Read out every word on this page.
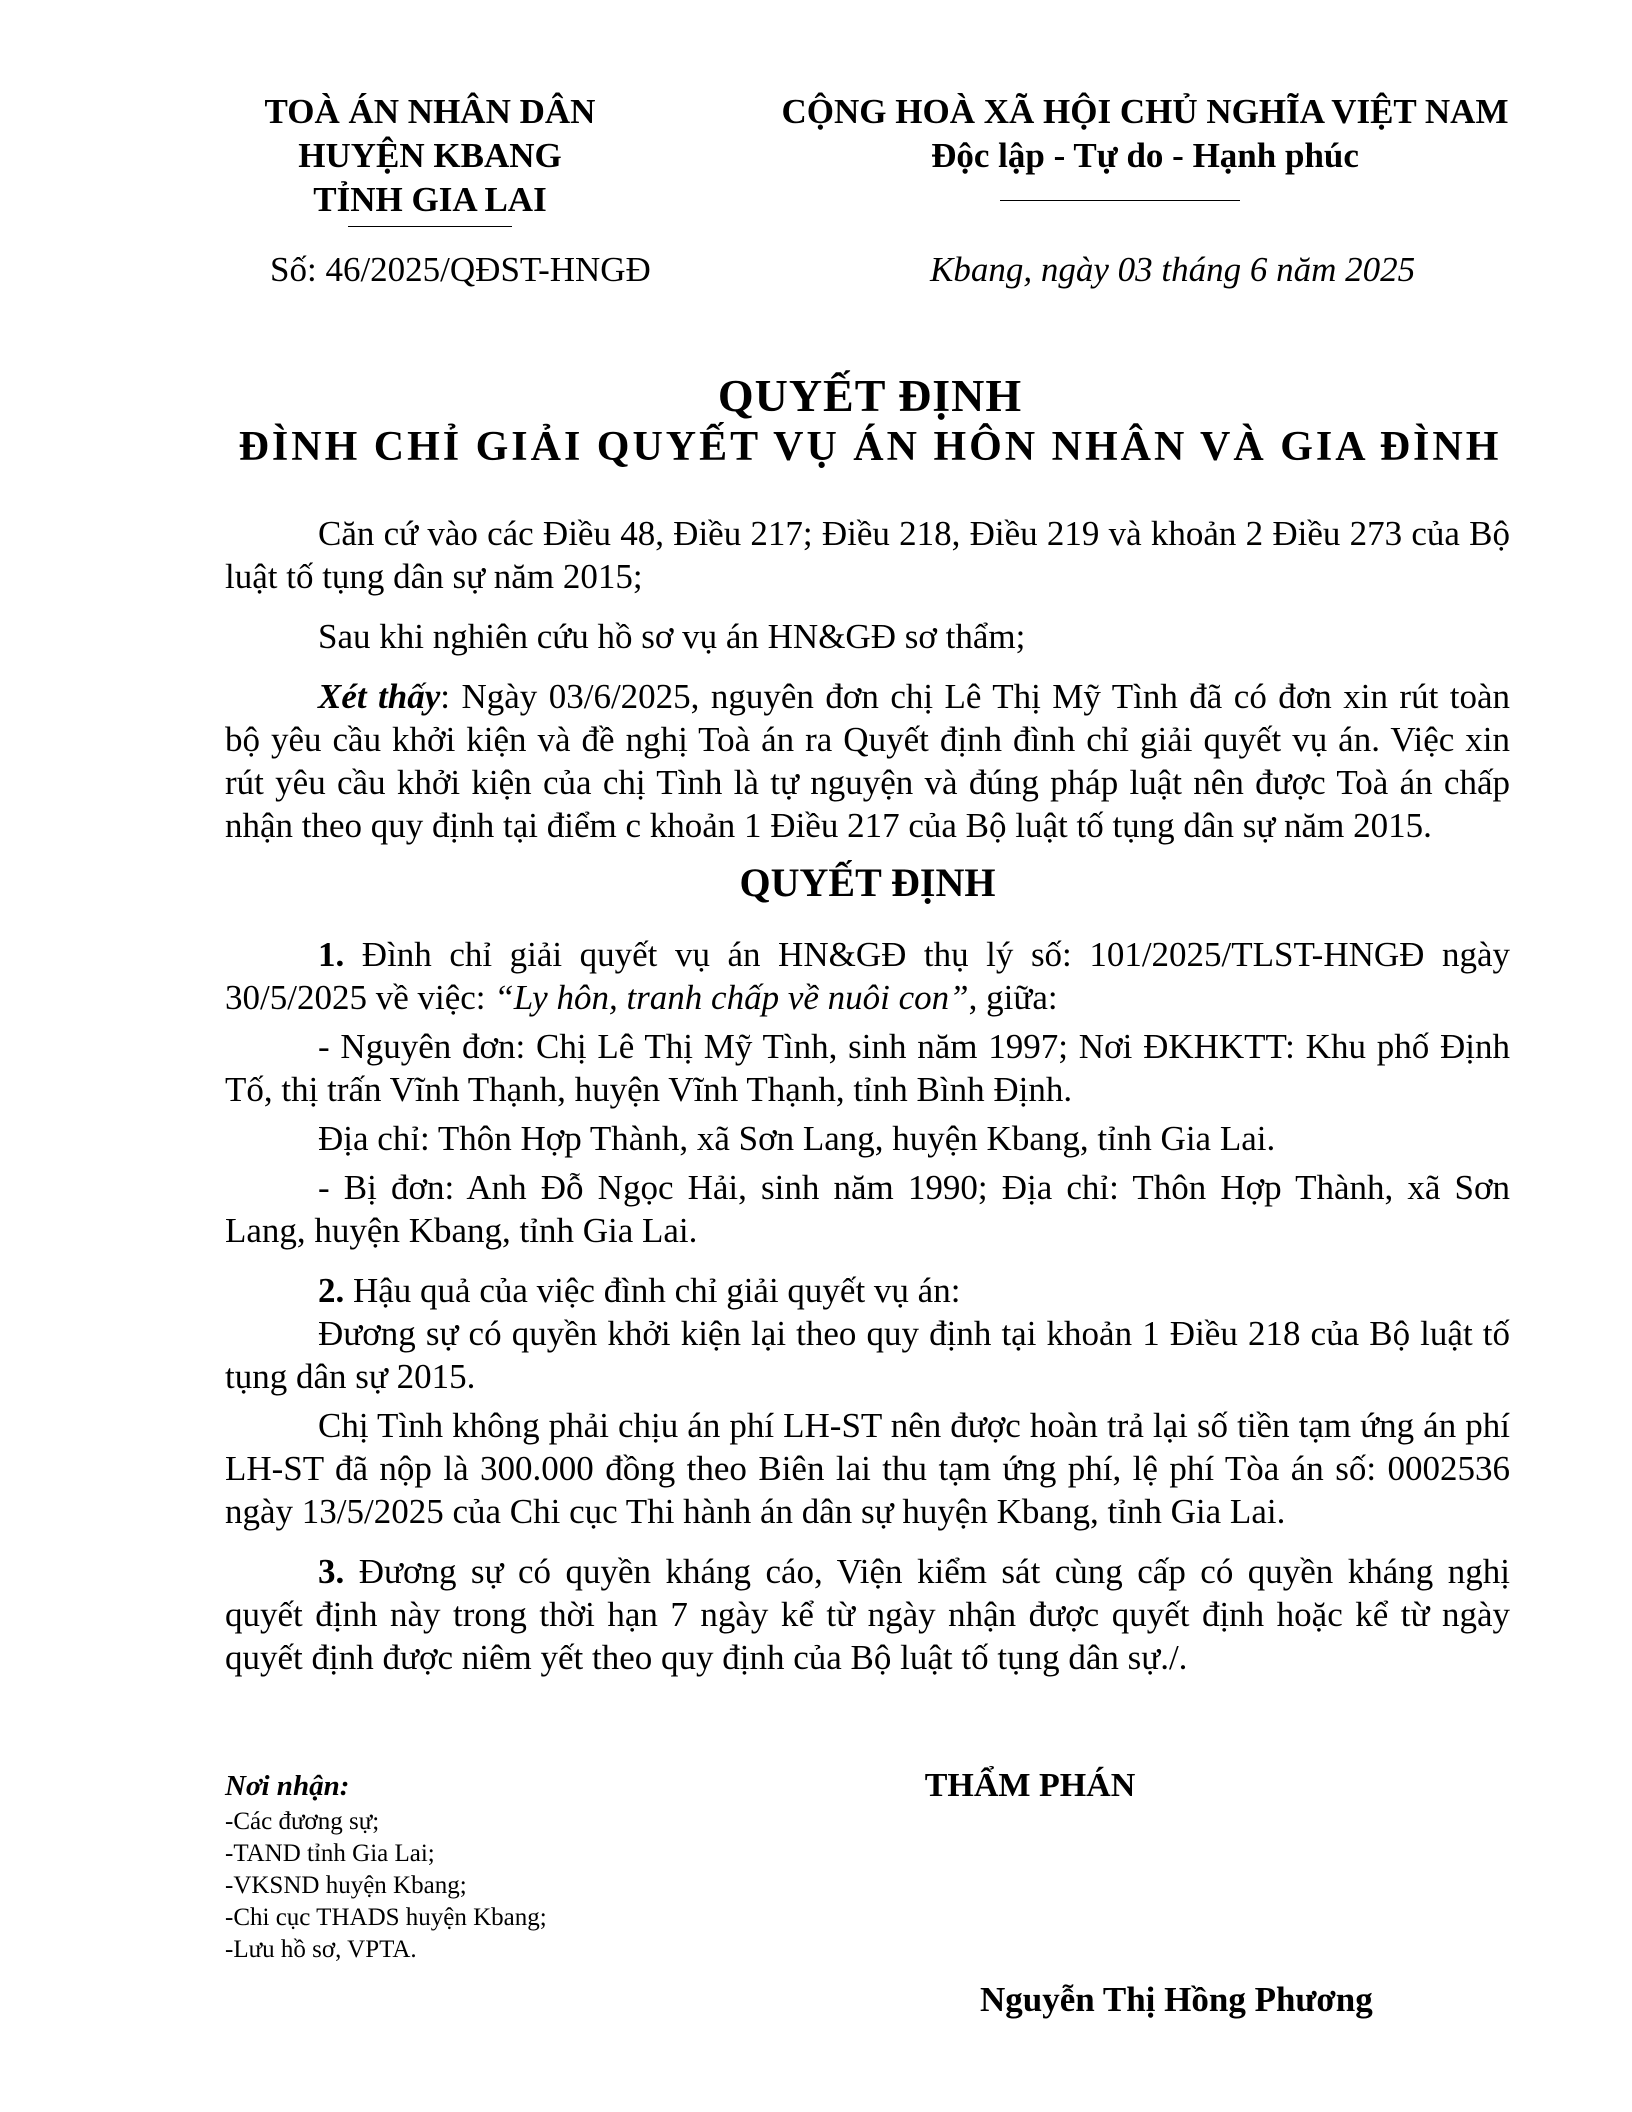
TOÀ ÁN NHÂN DÂN
HUYỆN KBANG
TỈNH GIA LAI
CỘNG HOÀ XÃ HỘI CHỦ NGHĨA VIỆT NAM
Độc lập - Tự do - Hạnh phúc
Số: 46/2025/QĐST-HNGĐ	Kbang, ngày 03 tháng 6 năm 2025
QUYẾT ĐỊNH
ĐÌNH CHỈ GIẢI QUYẾT VỤ ÁN HÔN NHÂN VÀ GIA ĐÌNH

Căn cứ vào các Điều 48, Điều 217; Điều 218, Điều 219 và khoản 2 Điều 273 của Bộ luật tố tụng dân sự năm 2015;

Sau khi nghiên cứu hồ sơ vụ án HN&GĐ sơ thẩm;

Xét thấy: Ngày 03/6/2025, nguyên đơn chị Lê Thị Mỹ Tình đã có đơn xin rút toàn bộ yêu cầu khởi kiện và đề nghị Toà án ra Quyết định đình chỉ giải quyết vụ án. Việc xin rút yêu cầu khởi kiện của chị Tình là tự nguyện và đúng pháp luật nên được Toà án chấp nhận theo quy định tại điểm c khoản 1 Điều 217 của Bộ luật tố tụng dân sự năm 2015.

QUYẾT ĐỊNH

1. Đình chỉ giải quyết vụ án HN&GĐ thụ lý số: 101/2025/TLST-HNGĐ ngày 30/5/2025 về việc: “Ly hôn, tranh chấp về nuôi con”, giữa:

- Nguyên đơn: Chị Lê Thị Mỹ Tình, sinh năm 1997; Nơi ĐKHKTT: Khu phố Định Tố, thị trấn Vĩnh Thạnh, huyện Vĩnh Thạnh, tỉnh Bình Định.

Địa chỉ: Thôn Hợp Thành, xã Sơn Lang, huyện Kbang, tỉnh Gia Lai.

- Bị đơn: Anh Đỗ Ngọc Hải, sinh năm 1990; Địa chỉ: Thôn Hợp Thành, xã Sơn Lang, huyện Kbang, tỉnh Gia Lai.

2. Hậu quả của việc đình chỉ giải quyết vụ án:

Đương sự có quyền khởi kiện lại theo quy định tại khoản 1 Điều 218 của Bộ luật tố tụng dân sự 2015.

Chị Tình không phải chịu án phí LH-ST nên được hoàn trả lại số tiền tạm ứng án phí LH-ST đã nộp là 300.000 đồng theo Biên lai thu tạm ứng phí, lệ phí Tòa án số: 0002536 ngày 13/5/2025 của Chi cục Thi hành án dân sự huyện Kbang, tỉnh Gia Lai.

3. Đương sự có quyền kháng cáo, Viện kiểm sát cùng cấp có quyền kháng nghị quyết định này trong thời hạn 7 ngày kể từ ngày nhận được quyết định hoặc kể từ ngày quyết định được niêm yết theo quy định của Bộ luật tố tụng dân sự./.

Nơi nhận:
-Các đương sự;
-TAND tỉnh Gia Lai;
-VKSND huyện Kbang;
-Chi cục THADS huyện Kbang;
-Lưu hồ sơ, VPTA.
THẨM PHÁN
Nguyễn Thị Hồng Phương
